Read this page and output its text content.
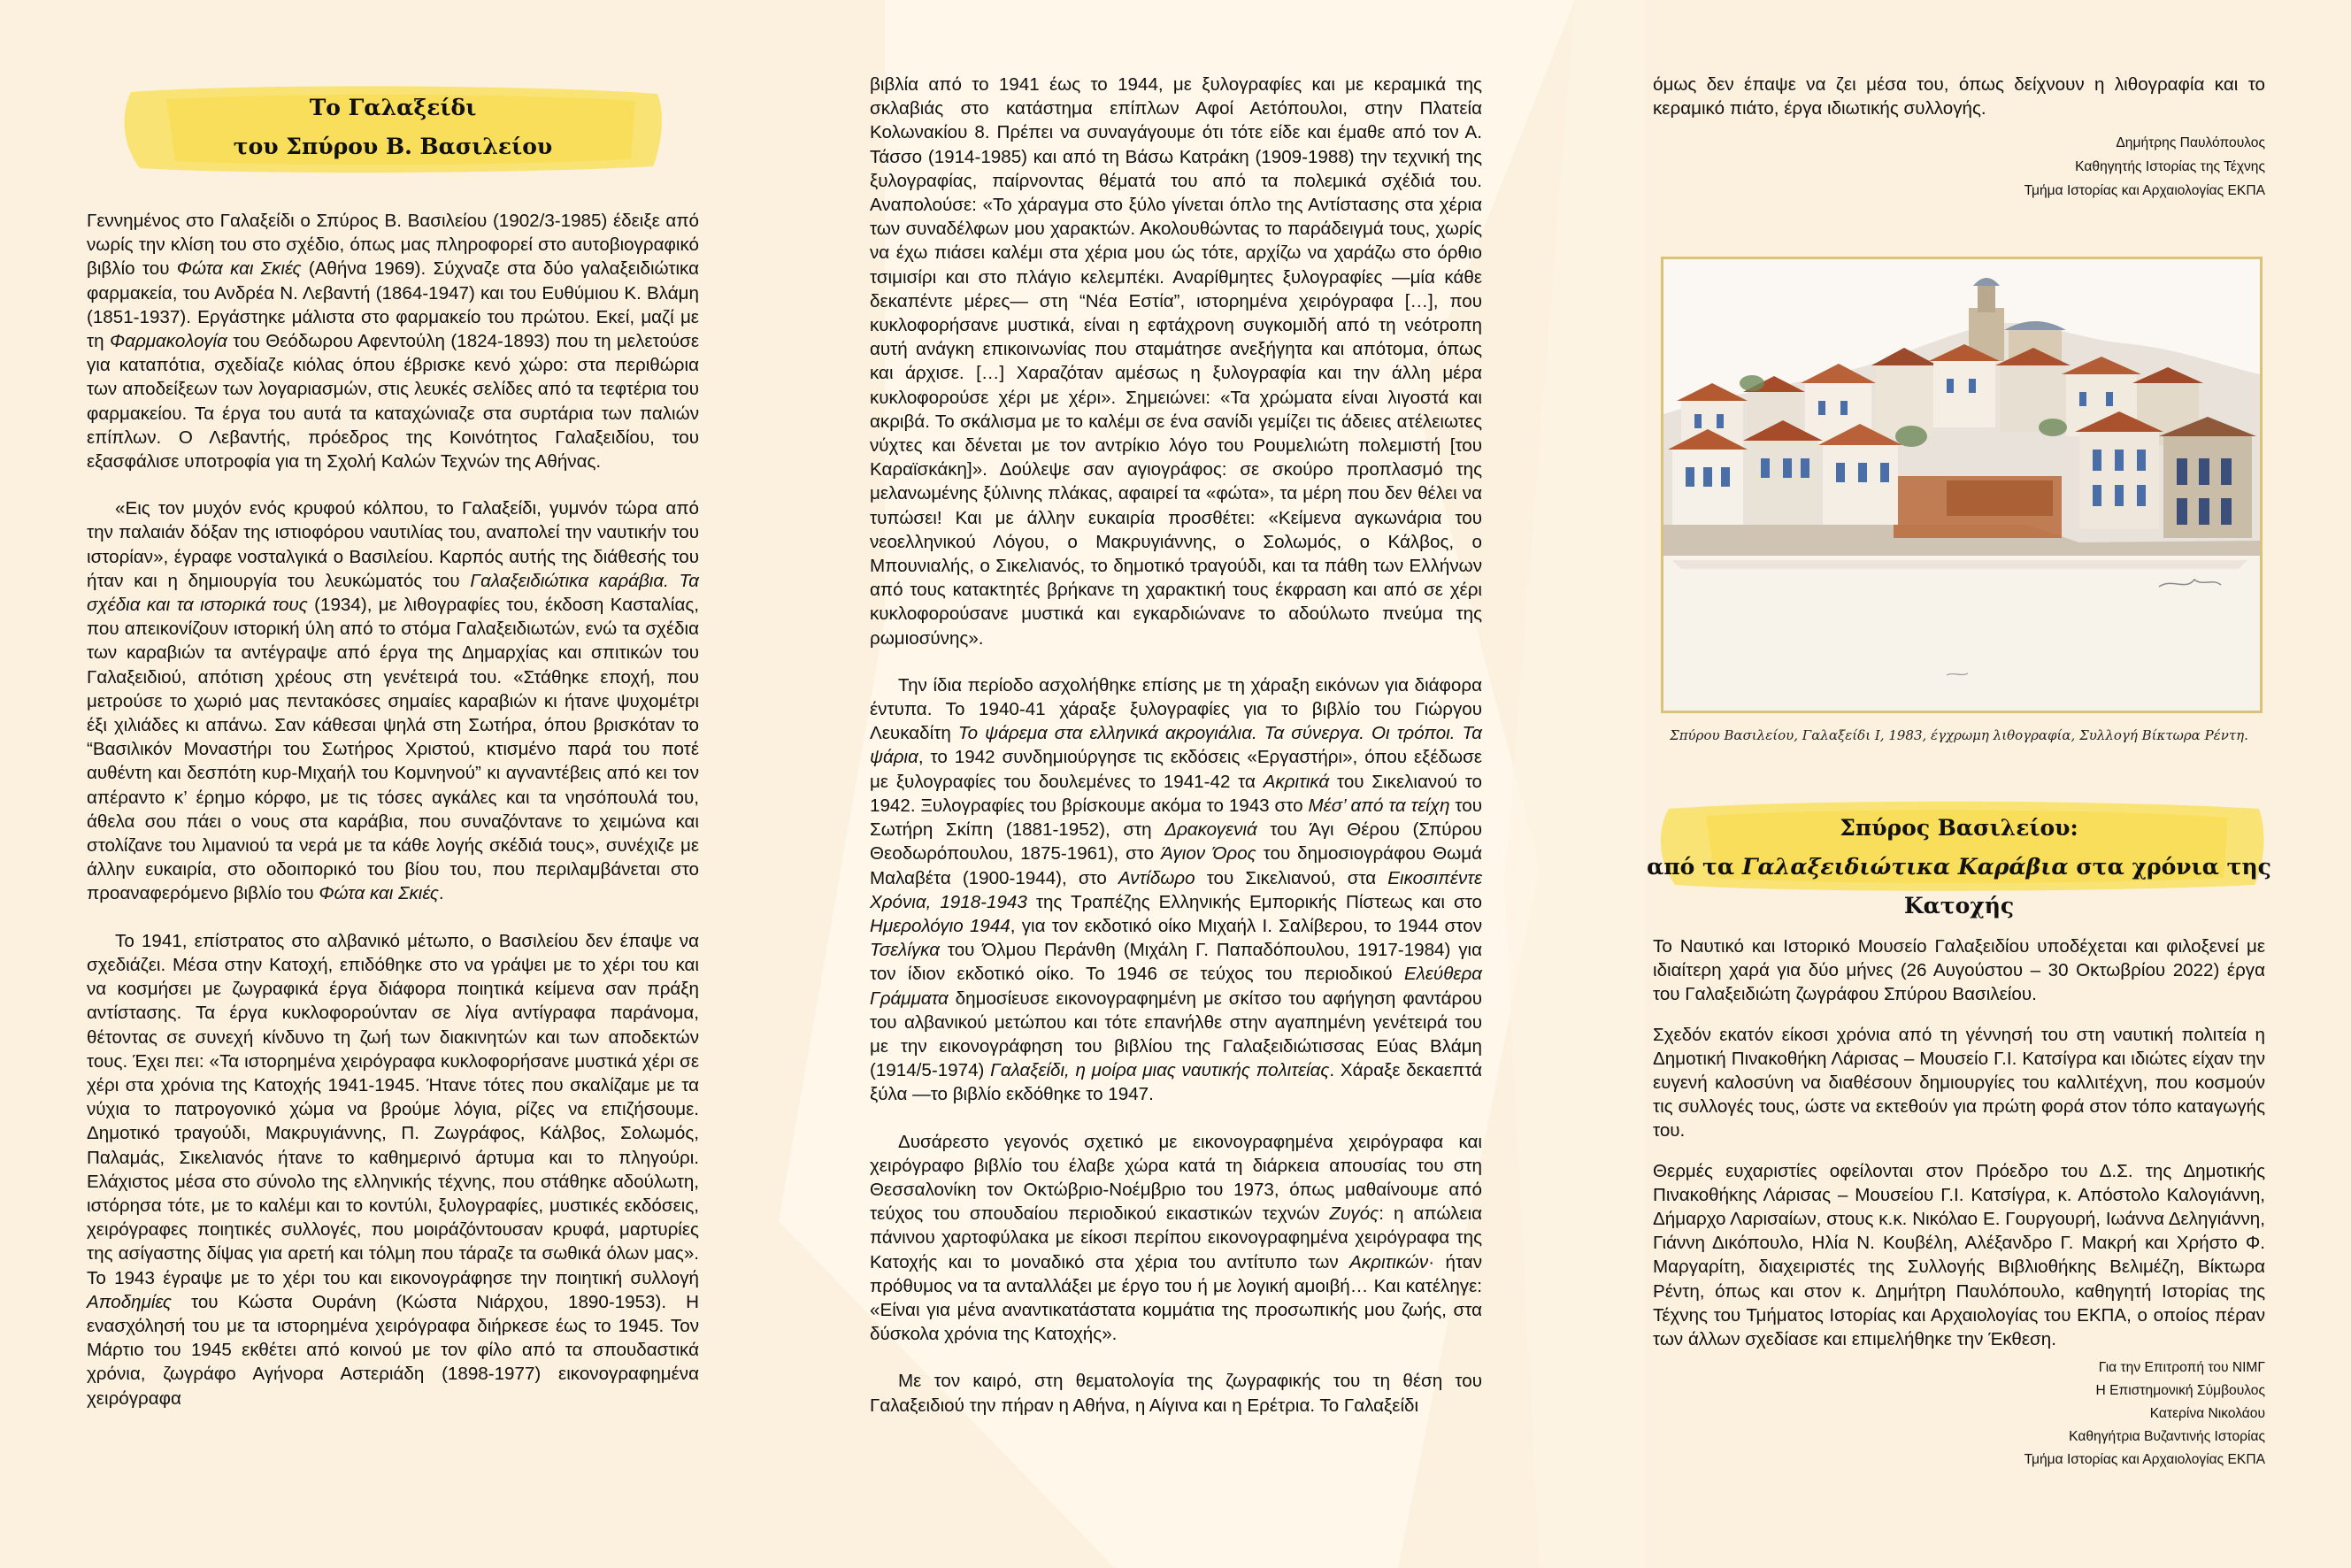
Το Γαλαξείδι
του Σπύρου Β. Βασιλείου

Γεννημένος στο Γαλαξείδι ο Σπύρος Β. Βασιλείου (1902/3-1985) έδειξε από νωρίς την κλίση του στο σχέδιο, όπως μας πληροφορεί στο αυτοβιογραφικό βιβλίο του Φώτα και Σκιές (Αθήνα 1969). Σύχναζε στα δύο γαλαξειδιώτικα φαρμακεία, του Ανδρέα Ν. Λεβαντή (1864-1947) και του Ευθύμιου Κ. Βλάμη (1851-1937). Εργάστηκε μάλιστα στο φαρμακείο του πρώτου. Εκεί, μαζί με τη Φαρμακολογία του Θεόδωρου Αφεντούλη (1824-1893) που τη μελετούσε για καταπότια, σχεδίαζε κιόλας όπου έβρισκε κενό χώρο: στα περιθώρια των αποδείξεων των λογαριασμών, στις λευκές σελίδες από τα τεφτέρια του φαρμακείου. Τα έργα του αυτά τα καταχώνιαζε στα συρτάρια των παλιών επίπλων. Ο Λεβαντής, πρόεδρος της Κοινότητος Γαλαξειδίου, του εξασφάλισε υποτροφία για τη Σχολή Καλών Τεχνών της Αθήνας.

«Εις τον μυχόν ενός κρυφού κόλπου, το Γαλαξείδι, γυμνόν τώρα από την παλαιάν δόξαν της ιστιοφόρου ναυτιλίας του, αναπολεί την ναυτικήν του ιστορίαν», έγραφε νοσταλγικά ο Βασιλείου. Καρπός αυτής της διάθεσής του ήταν και η δημιουργία του λευκώματός του Γαλαξειδιώτικα καράβια. Τα σχέδια και τα ιστορικά τους (1934), με λιθογραφίες του, έκδοση Κασταλίας, που απεικονίζουν ιστορική ύλη από το στόμα Γαλαξειδιωτών, ενώ τα σχέδια των καραβιών τα αντέγραψε από έργα της Δημαρχίας και σπιτικών του Γαλαξειδιού, απότιση χρέους στη γενέτειρά του. «Στάθηκε εποχή, που μετρούσε το χωριό μας πεντακόσες σημαίες καραβιών κι ήτανε ψυχομέτρι έξι χιλιάδες κι απάνω. Σαν κάθεσαι ψηλά στη Σωτήρα, όπου βρισκόταν το “Βασιλικόν Μοναστήρι του Σωτήρος Χριστού, κτισμένο παρά του ποτέ αυθέντη και δεσπότη κυρ-Μιχαήλ του Κομνηνού” κι αγναντέβεις από κει τον απέραντο κ’ έρημο κόρφο, με τις τόσες αγκάλες και τα νησόπουλά του, άθελα σου πάει ο νους στα καράβια, που συναζόντανε το χειμώνα και στολίζανε του λιμανιού τα νερά με τα κάθε λογής σκέδιά τους», συνέχιζε με άλλην ευκαιρία, στο οδοιπορικό του βίου του, που περιλαμβάνεται στο προαναφερόμενο βιβλίο του Φώτα και Σκιές.

Το 1941, επίστρατος στο αλβανικό μέτωπο, ο Βασιλείου δεν έπαψε να σχεδιάζει. Μέσα στην Κατοχή, επιδόθηκε στο να γράψει με το χέρι του και να κοσμήσει με ζωγραφικά έργα διάφορα ποιητικά κείμενα σαν πράξη αντίστασης. Τα έργα κυκλοφορούνταν σε λίγα αντίγραφα παράνομα, θέτοντας σε συνεχή κίνδυνο τη ζωή των διακινητών και των αποδεκτών τους. Έχει πει: «Τα ιστορημένα χειρόγραφα κυκλοφορήσανε μυστικά χέρι σε χέρι στα χρόνια της Κατοχής 1941-1945. Ήτανε τότες που σκαλίζαμε με τα νύχια το πατρογονικό χώμα να βρούμε λόγια, ρίζες να επιζήσουμε. Δημοτικό τραγούδι, Μακρυγιάννης, Π. Ζωγράφος, Κάλβος, Σολωμός, Παλαμάς, Σικελιανός ήτανε το καθημερινό άρτυμα και το πληγούρι. Ελάχιστος μέσα στο σύνολο της ελληνικής τέχνης, που στάθηκε αδούλωτη, ιστόρησα τότε, με το καλέμι και το κοντύλι, ξυλογραφίες, μυστικές εκδόσεις, χειρόγραφες ποιητικές συλλογές, που μοιράζόντουσαν κρυφά, μαρτυρίες της ασίγαστης δίψας για αρετή και τόλμη που τάραζε τα σωθικά όλων μας». Το 1943 έγραψε με το χέρι του και εικονογράφησε την ποιητική συλλογή Αποδημίες του Κώστα Ουράνη (Κώστα Νιάρχου, 1890-1953). Η ενασχόλησή του με τα ιστορημένα χειρόγραφα διήρκεσε έως το 1945. Τον Μάρτιο του 1945 εκθέτει από κοινού με τον φίλο από τα σπουδαστικά χρόνια, ζωγράφο Αγήνορα Αστεριάδη (1898-1977) εικονογραφημένα χειρόγραφα

βιβλία από το 1941 έως το 1944, με ξυλογραφίες και με κεραμικά της σκλαβιάς στο κατάστημα επίπλων Αφοί Αετόπουλοι, στην Πλατεία Κολωνακίου 8. Πρέπει να συναγάγουμε ότι τότε είδε και έμαθε από τον Α. Τάσσο (1914-1985) και από τη Βάσω Κατράκη (1909-1988) την τεχνική της ξυλογραφίας, παίρνοντας θέματά του από τα πολεμικά σχέδιά του. Αναπολούσε: «Το χάραγμα στο ξύλο γίνεται όπλο της Αντίστασης στα χέρια των συναδέλφων μου χαρακτών. Ακολουθώντας το παράδειγμά τους, χωρίς να έχω πιάσει καλέμι στα χέρια μου ώς τότε, αρχίζω να χαράζω στο όρθιο τσιμισίρι και στο πλάγιο κελεμπέκι. Αναρίθμητες ξυλογραφίες —μία κάθε δεκαπέντε μέρες— στη “Νέα Εστία”, ιστορημένα χειρόγραφα […], που κυκλοφορήσανε μυστικά, είναι η εφτάχρονη συγκομιδή από τη νεότροπη αυτή ανάγκη επικοινωνίας που σταμάτησε ανεξήγητα και απότομα, όπως και άρχισε. […] Χαραζόταν αμέσως η ξυλογραφία και την άλλη μέρα κυκλοφορούσε χέρι με χέρι». Σημειώνει: «Τα χρώματα είναι λιγοστά και ακριβά. Το σκάλισμα με το καλέμι σε ένα σανίδι γεμίζει τις άδειες ατέλειωτες νύχτες και δένεται με τον αντρίκιο λόγο του Ρουμελιώτη πολεμιστή [του Καραϊσκάκη]». Δούλεψε σαν αγιογράφος: σε σκούρο προπλασμό της μελανωμένης ξύλινης πλάκας, αφαιρεί τα «φώτα», τα μέρη που δεν θέλει να τυπώσει! Και με άλλην ευκαιρία προσθέτει: «Κείμενα αγκωνάρια του νεοελληνικού Λόγου, ο Μακρυγιάννης, ο Σολωμός, ο Κάλβος, ο Μπουνιαλής, ο Σικελιανός, το δημοτικό τραγούδι, και τα πάθη των Ελλήνων από τους κατακτητές βρήκανε τη χαρακτική τους έκφραση και από σε χέρι κυκλοφορούσανε μυστικά και εγκαρδιώνανε το αδούλωτο πνεύμα της ρωμιοσύνης».

Την ίδια περίοδο ασχολήθηκε επίσης με τη χάραξη εικόνων για διάφορα έντυπα. Το 1940-41 χάραξε ξυλογραφίες για το βιβλίο του Γιώργου Λευκαδίτη Το ψάρεμα στα ελληνικά ακρογιάλια. Τα σύνεργα. Οι τρόποι. Τα ψάρια, το 1942 συνδημιούργησε τις εκδόσεις «Εργαστήρι», όπου εξέδωσε με ξυλογραφίες του δουλεμένες το 1941-42 τα Ακριτικά του Σικελιανού το 1942. Ξυλογραφίες του βρίσκουμε ακόμα το 1943 στο Μέσ’ από τα τείχη του Σωτήρη Σκίπη (1881-1952), στη Δρακογενιά του Άγι Θέρου (Σπύρου Θεοδωρόπουλου, 1875-1961), στο Άγιον Όρος του δημοσιογράφου Θωμά Μαλαβέτα (1900-1944), στο Αντίδωρο του Σικελιανού, στα Εικοσιπέντε Χρόνια, 1918-1943 της Τραπέζης Ελληνικής Εμπορικής Πίστεως και στο Ημερολόγιο 1944, για τον εκδοτικό οίκο Μιχαήλ Ι. Σαλίβερου, το 1944 στον Τσελίγκα του Όλμου Περάνθη (Μιχάλη Γ. Παπαδόπουλου, 1917-1984) για τον ίδιον εκδοτικό οίκο. Το 1946 σε τεύχος του περιοδικού Ελεύθερα Γράμματα δημοσίευσε εικονογραφημένη με σκίτσο του αφήγηση φαντάρου του αλβανικού μετώπου και τότε επανήλθε στην αγαπημένη γενέτειρά του με την εικονογράφηση του βιβλίου της Γαλαξειδιώτισσας Εύας Βλάμη (1914/5-1974) Γαλαξείδι, η μοίρα μιας ναυτικής πολιτείας. Χάραξε δεκαεπτά ξύλα —το βιβλίο εκδόθηκε το 1947.

Δυσάρεστο γεγονός σχετικό με εικονογραφημένα χειρόγραφα και χειρόγραφο βιβλίο του έλαβε χώρα κατά τη διάρκεια απουσίας του στη Θεσσαλονίκη τον Οκτώβριο-Νοέμβριο του 1973, όπως μαθαίνουμε από τεύχος του σπουδαίου περιοδικού εικαστικών τεχνών Ζυγός: η απώλεια πάνινου χαρτοφύλακα με είκοσι περίπου εικονογραφημένα χειρόγραφα της Κατοχής και το μοναδικό στα χέρια του αντίτυπο των Ακριτικών· ήταν πρόθυμος να τα ανταλλάξει με έργο του ή με λογική αμοιβή… Και κατέληγε: «Είναι για μένα αναντικατάστατα κομμάτια της προσωπικής μου ζωής, στα δύσκολα χρόνια της Κατοχής».

Με τον καιρό, στη θεματολογία της ζωγραφικής του τη θέση του Γαλαξειδιού την πήραν η Αθήνα, η Αίγινα και η Ερέτρια. Το Γαλαξείδι

όμως δεν έπαψε να ζει μέσα του, όπως δείχνουν η λιθογραφία και το κεραμικό πιάτο, έργα ιδιωτικής συλλογής.

Δημήτρης Παυλόπουλος
Καθηγητής Ιστορίας της Τέχνης
Τμήμα Ιστορίας και Αρχαιολογίας ΕΚΠΑ
Σπύρου Βασιλείου, Γαλαξείδι Ι, 1983, έγχρωμη λιθογραφία, Συλλογή Βίκτωρα Ρέντη.
Σπύρος Βασιλείου:
από τα Γαλαξειδιώτικα Καράβια στα χρόνια της Κατοχής

Το Ναυτικό και Ιστορικό Μουσείο Γαλαξειδίου υποδέχεται και φιλοξενεί με ιδιαίτερη χαρά για δύο μήνες (26 Αυγούστου – 30 Οκτωβρίου 2022) έργα του Γαλαξειδιώτη ζωγράφου Σπύρου Βασιλείου.

Σχεδόν εκατόν είκοσι χρόνια από τη γέννησή του στη ναυτική πολιτεία η Δημοτική Πινακοθήκη Λάρισας – Μουσείο Γ.Ι. Κατσίγρα και ιδιώτες είχαν την ευγενή καλοσύνη να διαθέσουν δημιουργίες του καλλιτέχνη, που κοσμούν τις συλλογές τους, ώστε να εκτεθούν για πρώτη φορά στον τόπο καταγωγής του.

Θερμές ευχαριστίες οφείλονται στον Πρόεδρο του Δ.Σ. της Δημοτικής Πινακοθήκης Λάρισας – Μουσείου Γ.Ι. Κατσίγρα, κ. Απόστολο Καλογιάννη, Δήμαρχο Λαρισαίων, στους κ.κ. Νικόλαο Ε. Γουργουρή, Ιωάννα Δεληγιάννη, Γιάννη Δικόπουλο, Ηλία Ν. Κουβέλη, Αλέξανδρο Γ. Μακρή και Χρήστο Φ. Μαργαρίτη, διαχειριστές της Συλλογής Βιβλιοθήκης Βελιμέζη, Βίκτωρα Ρέντη, όπως και στον κ. Δημήτρη Παυλόπουλο, καθηγητή Ιστορίας της Τέχνης του Τμήματος Ιστορίας και Αρχαιολογίας του ΕΚΠΑ, ο οποίος πέραν των άλλων σχεδίασε και επιμελήθηκε την Έκθεση.

Για την Επιτροπή του ΝΙΜΓ
Η Επιστημονική Σύμβουλος
Κατερίνα Νικολάου
Καθηγήτρια Βυζαντινής Ιστορίας
Τμήμα Ιστορίας και Αρχαιολογίας ΕΚΠΑ
